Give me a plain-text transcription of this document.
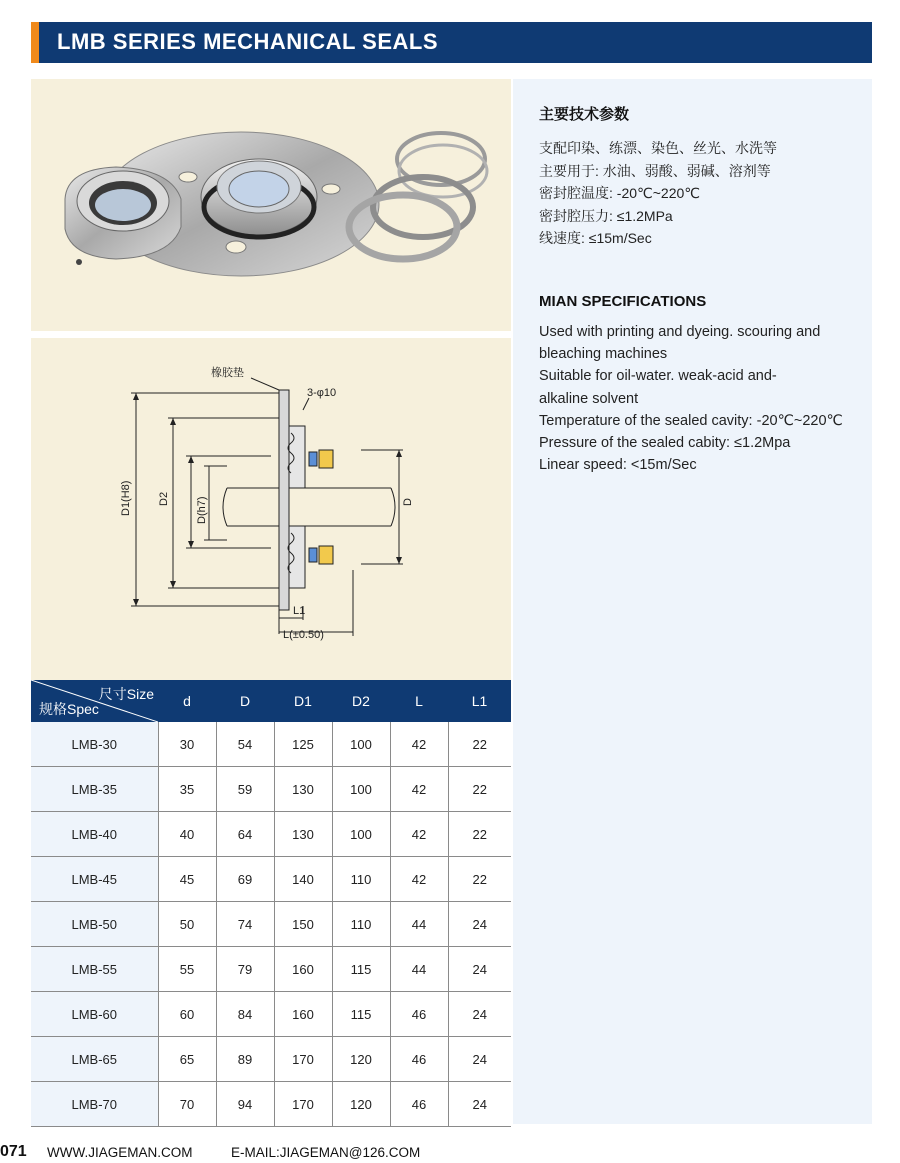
LMB SERIES MECHANICAL SEALS
橡胶垫
3-φ10
D1(H8) D2 D(h7)	D
L1
L(±0.50)
主要技术参数
支配印染、练漂、染色、丝光、水洗等
主要用于: 水油、弱酸、弱碱、溶剂等
密封腔温度: -20℃~220℃
密封腔压力: ≤1.2MPa
线速度: ≤15m/Sec
MIAN SPECIFICATIONS
Used with printing and dyeing. scouring and
bleaching machines
Suitable for oil-water. weak-acid and-
alkaline solvent
Temperature of the sealed cavity: -20℃~220℃
Pressure of the sealed cabity: ≤1.2Mpa
Linear speed: <15m/Sec
尺寸Size
规格Spec	d	D	D1	D2	L	L1
LMB-30	30	54	125	100	42	22
LMB-35	35	59	130	100	42	22
LMB-40	40	64	130	100	42	22
LMB-45	45	69	140	110	42	22
LMB-50	50	74	150	110	44	24
LMB-55	55	79	160	115	44	24
LMB-60	60	84	160	115	46	24
LMB-65	65	89	170	120	46	24
LMB-70	70	94	170	120	46	24
071 WWW.JIAGEMAN.COM	E-MAIL:JIAGEMAN@126.COM
